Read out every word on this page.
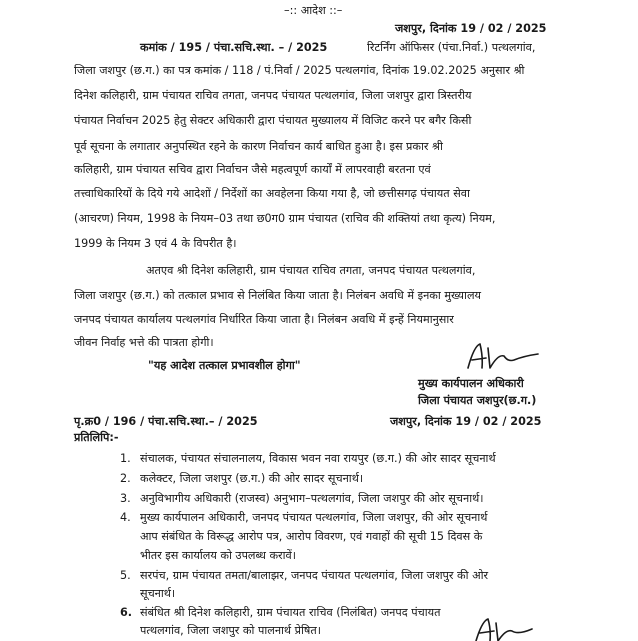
–:: आदेश ::–
जशपुर, दिनांक 19 / 02 / 2025
कमांक / 195 / पंचा.सचि.स्था. – / 2025	रिटर्निंग ऑफिसर (पंचा.निर्वा.) पत्थलगांव,
जिला जशपुर (छ.ग.) का पत्र कमांक / 118 / पं.निर्वा / 2025 पत्थलगांव, दिनांक 19.02.2025 अनुसार श्री
दिनेश कलिहारी, ग्राम पंचायत राचिव तगता, जनपद पंचायत पत्थलगांव, जिला जशपुर द्वारा त्रिस्तरीय
पंचायत निर्वाचन 2025 हेतु सेक्टर अधिकारी द्वारा पंचायत मुख्यालय में विजिट करने पर बगैर किसी
पूर्व सूचना के लगातार अनुपस्थित रहने के कारण निर्वाचन कार्य बाधित हुआ है। इस प्रकार श्री
कलिहारी, ग्राम पंचायत सचिव द्वारा निर्वाचन जैसे महत्वपूर्ण कार्यों में लापरवाही बरतना एवं
तत्त्वाधिकारियों के दिये गये आदेशों / निर्देशों का अवहेलना किया गया है, जो छत्तीसगढ़ पंचायत सेवा
(आचरण) नियम, 1998 के नियम–03 तथा छ0ग0 ग्राम पंचायत (राचिव की शक्तियां तथा कृत्य) नियम,
1999 के नियम 3 एवं 4 के विपरीत है।
अतएव श्री दिनेश कलिहारी, ग्राम पंचायत राचिव तगता, जनपद पंचायत पत्थलगांव,
जिला जशपुर (छ.ग.) को तत्काल प्रभाव से निलंबित किया जाता है। निलंबन अवधि में इनका मुख्यालय
जनपद पंचायत कार्यालय पत्थलगांव निर्धारित किया जाता है। निलंबन अवधि में इन्हें नियमानुसार
जीवन निर्वाह भत्ते की पात्रता होगी।
"यह आदेश तत्काल प्रभावशील होगा"
मुख्य कार्यपालन अधिकारी
जिला पंचायत जशपुर(छ.ग.)
पृ.क्र0 / 196 / पंचा.सचि.स्था.– / 2025	जशपुर, दिनांक 19 / 02 / 2025
प्रतिलिपि:-
1. संचालक, पंचायत संचालनालय, विकास भवन नवा रायपुर (छ.ग.) की ओर सादर सूचनार्थ
2. कलेक्टर, जिला जशपुर (छ.ग.) की ओर सादर सूचनार्थ।
3. अनुविभागीय अधिकारी (राजस्व) अनुभाग–पत्थलगांव, जिला जशपुर की ओर सूचनार्थ।
4. मुख्य कार्यपालन अधिकारी, जनपद पंचायत पत्थलगांव, जिला जशपुर, की ओर सूचनार्थ
आप संबंधित के विरूद्ध आरोप पत्र, आरोप विवरण, एवं गवाहों की सूची 15 दिवस के
भीतर इस कार्यालय को उपलब्ध करावें।
5. सरपंच, ग्राम पंचायत तमता/बालाझर, जनपद पंचायत पत्थलगांव, जिला जशपुर की ओर
सूचनार्थ।
6. संबंधित श्री दिनेश कलिहारी, ग्राम पंचायत राचिव (निलंबित) जनपद पंचायत
पत्थलगांव, जिला जशपुर को पालनार्थ प्रेषित।
